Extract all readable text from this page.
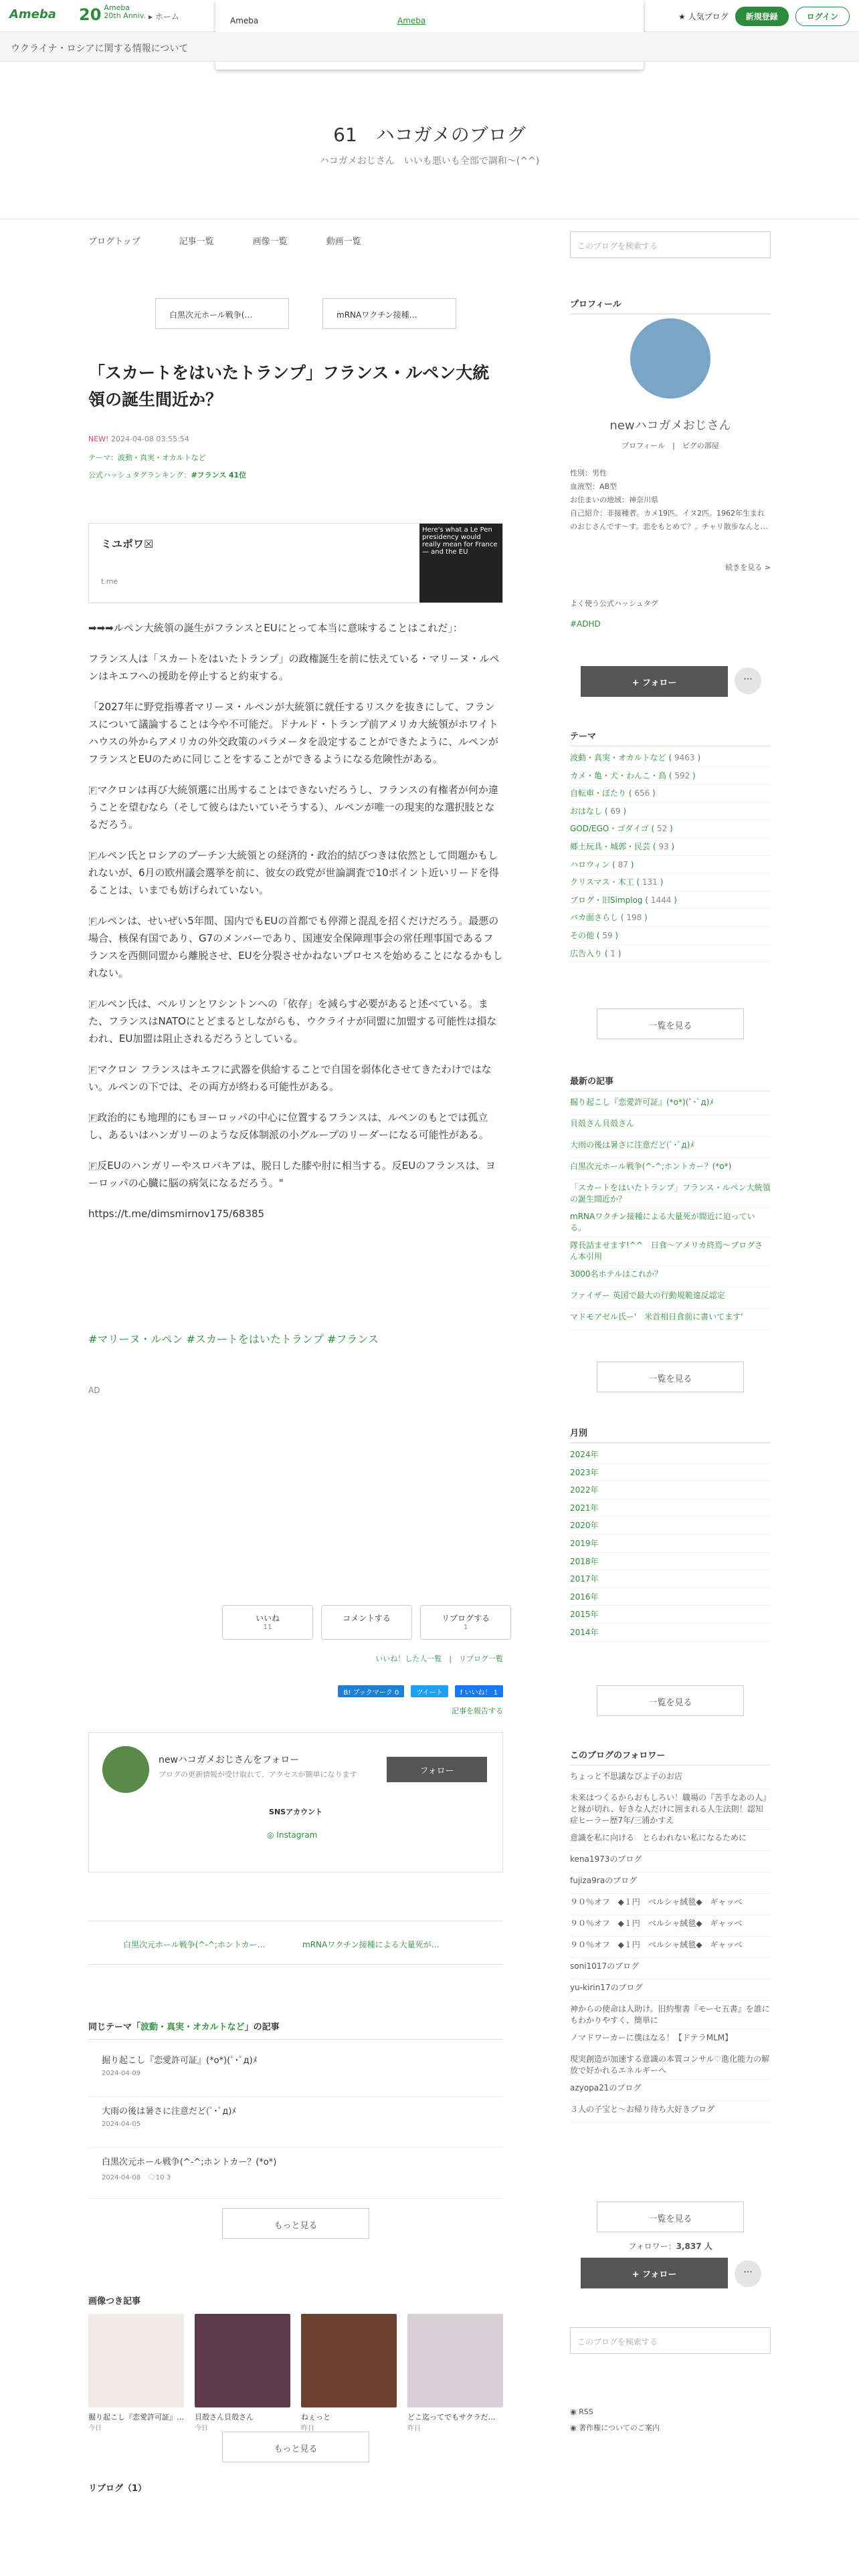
Ameba 20 Ameba 20th Anniv. ▸ ホーム	★ 人気ブログ	新規登録	ログイン
Ameba	Ameba
ウクライナ・ロシアに関する情報について
61　ハコガメのブログ
ハコガメおじさん　いいも悪いも全部で調和〜(^^)
ブログトップ	記事一覧	画像一覧	動画一覧	このブログを検索する
白黒次元ホール戦争(…	mRNAワクチン接種…
「スカートをはいたトランプ」フランス・ルペン大統領の誕生間近か？
NEW! 2024-04-08 03:55:54
テーマ：波動・真実・オカルトなど
公式ハッシュタグランキング：#フランス 41位
ミユポワ☒
t.me
Here's what a Le Pen presidency would really mean for France — and the EU

➡➡➡ルペン大統領の誕生がフランスとEUにとって本当に意味することはこれだ」：

フランス人は「スカートをはいたトランプ」の政権誕生を前に怯えている・マリーヌ・ルペンはキエフへの援助を停止すると約束する。

「2027年に野党指導者マリーヌ・ルペンが大統領に就任するリスクを抜きにして、フランスについて議論することは今や不可能だ。ドナルド・トランプ前アメリカ大統領がホワイトハウスの外からアメリカの外交政策のパラメータを設定することができたように、ルペンがフランスとEUのために同じことをすることができるようになる危険性がある。

🇫マクロンは再び大統領選に出馬することはできないだろうし、フランスの有権者が何か違うことを望むなら（そして彼らはたいていそうする）、ルペンが唯一の現実的な選択肢となるだろう。

🇫ルペン氏とロシアのプーチン大統領との経済的・政治的結びつきは依然として問題かもしれないが、6月の欧州議会選挙を前に、彼女の政党が世論調査で10ポイント近いリードを得ることは、いまでも妨げられていない。

🇫ルペンは、せいぜい5年間、国内でもEUの首都でも停滞と混乱を招くだけだろう。最悪の場合、核保有国であり、G7のメンバーであり、国連安全保障理事会の常任理事国であるフランスを西側同盟から離脱させ、EUを分裂させかねないプロセスを始めることになるかもしれない。

🇫ルペン氏は、ベルリンとワシントンへの「依存」を減らす必要があると述べている。また、フランスはNATOにとどまるとしながらも、ウクライナが同盟に加盟する可能性は損なわれ、EU加盟は阻止されるだろうとしている。

🇫マクロン フランスはキエフに武器を供給することで自国を弱体化させてきたわけではない。ルペンの下では、その両方が終わる可能性がある。

🇫政治的にも地理的にもヨーロッパの中心に位置するフランスは、ルペンのもとでは孤立し、あるいはハンガリーのような反体制派の小グループのリーダーになる可能性がある。

🇫反EUのハンガリーやスロバキアは、脱日した膝や肘に相当する。反EUのフランスは、ヨーロッパの心臓に脳の病気になるだろう。"

https://t.me/dimsmirnov175/68385

#マリーヌ・ルペン #スカートをはいたトランプ #フランス
AD
いいね
11
コメントする	リブログする
1
いいね！した人一覧　|　リブログ一覧
B! ブックマーク 0	ツイート	f いいね！ 1
記事を報告する
newハコガメおじさんをフォロー
ブログの更新情報が受け取れて、アクセスが簡単になります	フォロー
SNSアカウント
◎ Instagram
白黒次元ホール戦争(^-^;ホントカー…	mRNAワクチン接種による大量死が…
同じテーマ「波動・真実・オカルトなど」の記事
掘り起こし『恋愛許可証』(*o*)(ﾟ･ﾟд)ﾒ
2024-04-09
大雨の後は暑さに注意だど(ﾟ･ﾟд)ﾒ
2024-04-05
白黒次元ホール戦争(^-^;ホントカー？(*o*)
2024-04-08　🗨10 3
もっと見る
画像つき記事
掘り起こし『恋愛許可証』…
今日
貝殻さん貝殻さん
今日
ねぇっと
昨日
どこ迄ってでもサクラだ…
昨日
もっと見る
リブログ（1）
プロフィール
newハコガメおじさん
プロフィール　|　ピグの部屋
性別：男性
血液型：AB型
お住まいの地域：神奈川県
自己紹介：非接種者。カメ19匹。イヌ2匹。1962年生まれのおじさんです〜す。恋をもとめて？。チャリ散步なんと…
続きを見る >
よく使う公式ハッシュタグ
#ADHD
+ フォロー	···
テーマ
波動・真実・オカルトなど ( 9463 )
カメ・亀・犬・わんこ・鳥 ( 592 )
自転車・ぼたり ( 656 )
おはなし ( 69 )
GOD/EGO・ゴダイゴ ( 52 )
郷土玩具・城郭・民芸 ( 93 )
ハロウィン ( 87 )
クリスマス・木工 ( 131 )
ブログ・旧Simplog ( 1444 )
バカ面さらし ( 198 )
その他 ( 59 )
広告入り ( 1 )
一覧を見る
最新の記事
掘り起こし『恋愛許可証』(*o*)(ﾟ･ﾟд)ﾒ
貝殻さん貝殻さん
大雨の後は暑さに注意だど(ﾟ･ﾟд)ﾒ
白黒次元ホール戦争(^-^;ホントカー？(*o*)
「スカートをはいたトランプ」フランス・ルペン大統領の誕生間近か？
mRNAワクチン接種による大量死が間近に迫っている。
隊長詰ませます!^^　日食〜アメリカ終焉〜ブログさん本引用
3000名ホテルはこれか？
ファイザー 英国で最大の行動規範違反認定
マドモアゼル氏ー'　米首相日食前に書いてます'
一覧を見る
月別
2024年
2023年
2022年
2021年
2020年
2019年
2018年
2017年
2016年
2015年
2014年
一覧を見る
このブログのフォロワー
ちょっと不思議なびよ子のお店
未来はつくるからおもしろい！職場の『苦手なあの人』と縁が切れ、好きな人だけに囲まれる人生法則！認知症ヒーラー歴7年/三浦かすえ
意識を私に向ける　とらわれない私になるために
kena1973のブログ
fujiza9raのブログ
９０％オフ　◆１円　ベルシャ絨毯◆　ギャッベ
９０％オフ　◆１円　ベルシャ絨毯◆　ギャッベ
９０％オフ　◆１円　ベルシャ絨毯◆　ギャッベ
soni1017のブログ
yu-kirin17のブログ
神からの使命は人助け。旧約聖書『モーセ五書』を誰にもわかりやすく、簡単に
ノマドワーカーに僕はなる！【ドテラMLM】
現実創造が加速する意識の本質コンサル♡進化能力の解放で好かれるエネルギーへ
azyopa21のブログ
３人の子宝と〜お帰り待ち大好きブログ
一覧を見る
フォロワー：3,837 人
+ フォロー	···
このブログを検索する
◉ RSS
◉ 著作権についてのご案内
